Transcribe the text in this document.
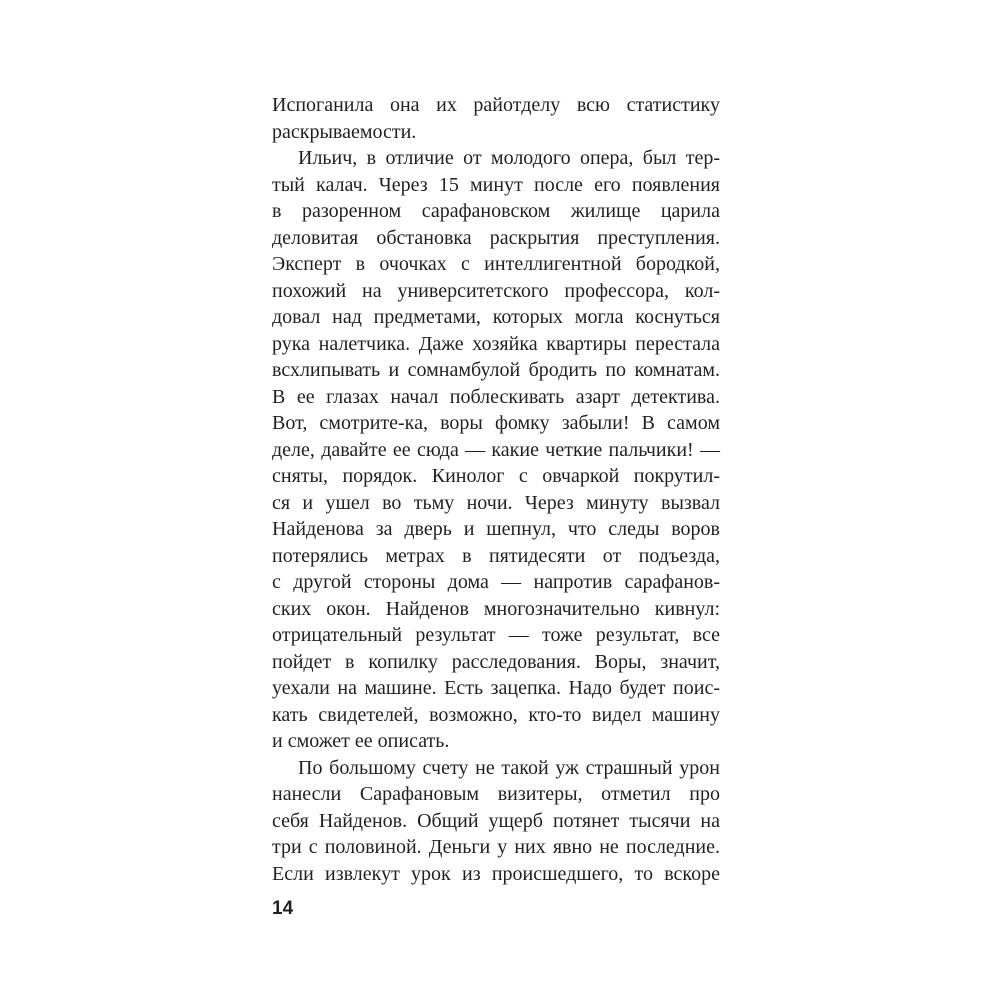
Испоганила она их райотделу всю статистику
раскрываемости.
Ильич, в отличие от молодого опера, был тер-
тый калач. Через 15 минут после его появления
в разоренном сарафановском жилище царила
деловитая обстановка раскрытия преступления.
Эксперт в очочках с интеллигентной бородкой,
похожий на университетского профессора, кол-
довал над предметами, которых могла коснуться
рука налетчика. Даже хозяйка квартиры перестала
всхлипывать и сомнамбулой бродить по комнатам.
В ее глазах начал поблескивать азарт детектива.
Вот, смотрите-ка, воры фомку забыли! В самом
деле, давайте ее сюда — какие четкие пальчики! —
сняты, порядок. Кинолог с овчаркой покрутил-
ся и ушел во тьму ночи. Через минуту вызвал
Найденова за дверь и шепнул, что следы воров
потерялись метрах в пятидесяти от подъезда,
с другой стороны дома — напротив сарафанов-
ских окон. Найденов многозначительно кивнул:
отрицательный результат — тоже результат, все
пойдет в копилку расследования. Воры, значит,
уехали на машине. Есть зацепка. Надо будет поис-
кать свидетелей, возможно, кто-то видел машину
и сможет ее описать.
По большому счету не такой уж страшный урон
нанесли Сарафановым визитеры, отметил про
себя Найденов. Общий ущерб потянет тысячи на
три с половиной. Деньги у них явно не последние.
Если извлекут урок из происшедшего, то вскоре
14
